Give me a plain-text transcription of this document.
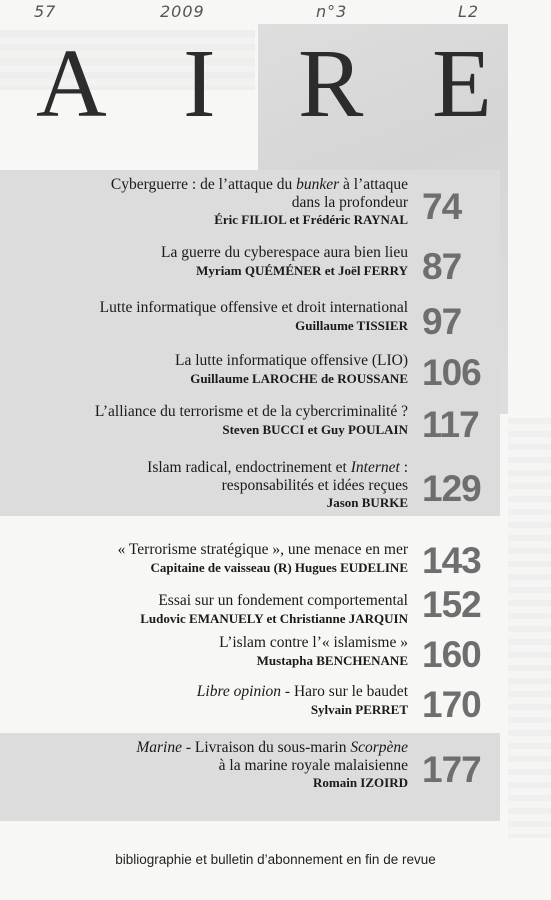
57	2009	n°3	L2
A I R E
Cyberguerre : de l’attaque du bunker à l’attaque
dans la profondeur
Éric FILIOL et Frédéric RAYNAL 74
La guerre du cyberespace aura bien lieu
Myriam QUÉMÉNER et Joël FERRY 87
Lutte informatique offensive et droit international
Guillaume TISSIER 97
La lutte informatique offensive (LIO)
Guillaume LAROCHE de ROUSSANE 106
L’alliance du terrorisme et de la cybercriminalité ?
Steven BUCCI et Guy POULAIN 117
Islam radical, endoctrinement et Internet :
responsabilités et idées reçues
Jason BURKE 129
« Terrorisme stratégique », une menace en mer
Capitaine de vaisseau (R) Hugues EUDELINE 143
Essai sur un fondement comportemental
Ludovic EMANUELY et Christianne JARQUIN 152
L’islam contre l’« islamisme »
Mustapha BENCHENANE 160
Libre opinion - Haro sur le baudet
Sylvain PERRET 170
Marine - Livraison du sous-marin Scorpène
à la marine royale malaisienne
Romain IZOIRD 177
bibliographie et bulletin d’abonnement en fin de revue
